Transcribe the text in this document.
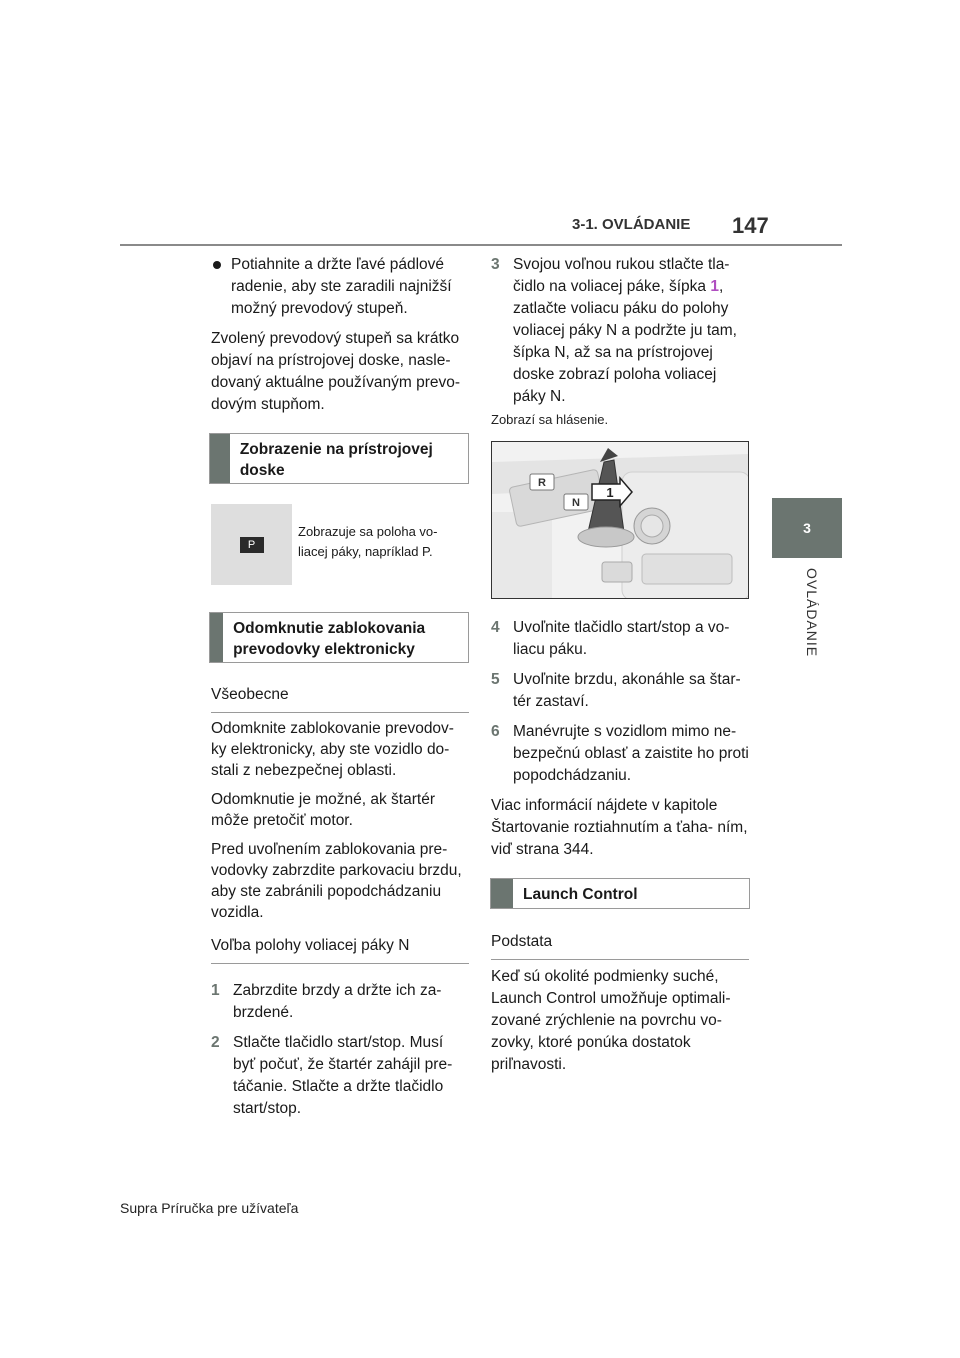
3-1. OVLÁDANIE 147
3
OVLÁDANIE
Potiahnite a držte ľavé pádlové radenie, aby ste zaradili najnižší možný prevodový stupeň.
Zvolený prevodový stupeň sa krátko objaví na prístrojovej doske, nasle- dovaný aktuálne používaným prevo- dovým stupňom.
Zobrazenie na prístrojovej doske
P
Zobrazuje sa poloha vo- liacej páky, napríklad P.
Odomknutie zablokovania prevodovky elektronicky
Všeobecne
Odomknite zablokovanie prevodov- ky elektronicky, aby ste vozidlo do- stali z nebezpečnej oblasti.
Odomknutie je možné, ak štartér môže pretočiť motor.
Pred uvoľnením zablokovania pre- vodovky zabrzdite parkovaciu brzdu, aby ste zabránili popodchádzaniu vozidla.
Voľba polohy voliacej páky N
1 Zabrzdite brzdy a držte ich za- brzdené.
2 Stlačte tlačidlo start/stop. Musí byť počuť, že štartér zahájil pre- táčanie. Stlačte a držte tlačidlo start/stop.
3 Svojou voľnou rukou stlačte tla- čidlo na voliacej páke, šípka 1, zatlačte voliacu páku do polohy voliacej páky N a podržte ju tam, šípka N, až sa na prístrojovej doske zobrazí poloha voliacej páky N.
Zobrazí sa hlásenie.
R
N
1
4 Uvoľnite tlačidlo start/stop a vo- liacu páku.
5 Uvoľnite brzdu, akonáhle sa štar- tér zastaví.
6 Manévrujte s vozidlom mimo ne- bezpečnú oblasť a zaistite ho proti popodchádzaniu.
Viac informácií nájdete v kapitole Štartovanie roztiahnutím a ťaha- ním, viď strana 344.
Launch Control
Podstata
Keď sú okolité podmienky suché, Launch Control umožňuje optimali- zované zrýchlenie na povrchu vo- zovky, ktoré ponúka dostatok priľnavosti.
Supra Príručka pre užívateľa
